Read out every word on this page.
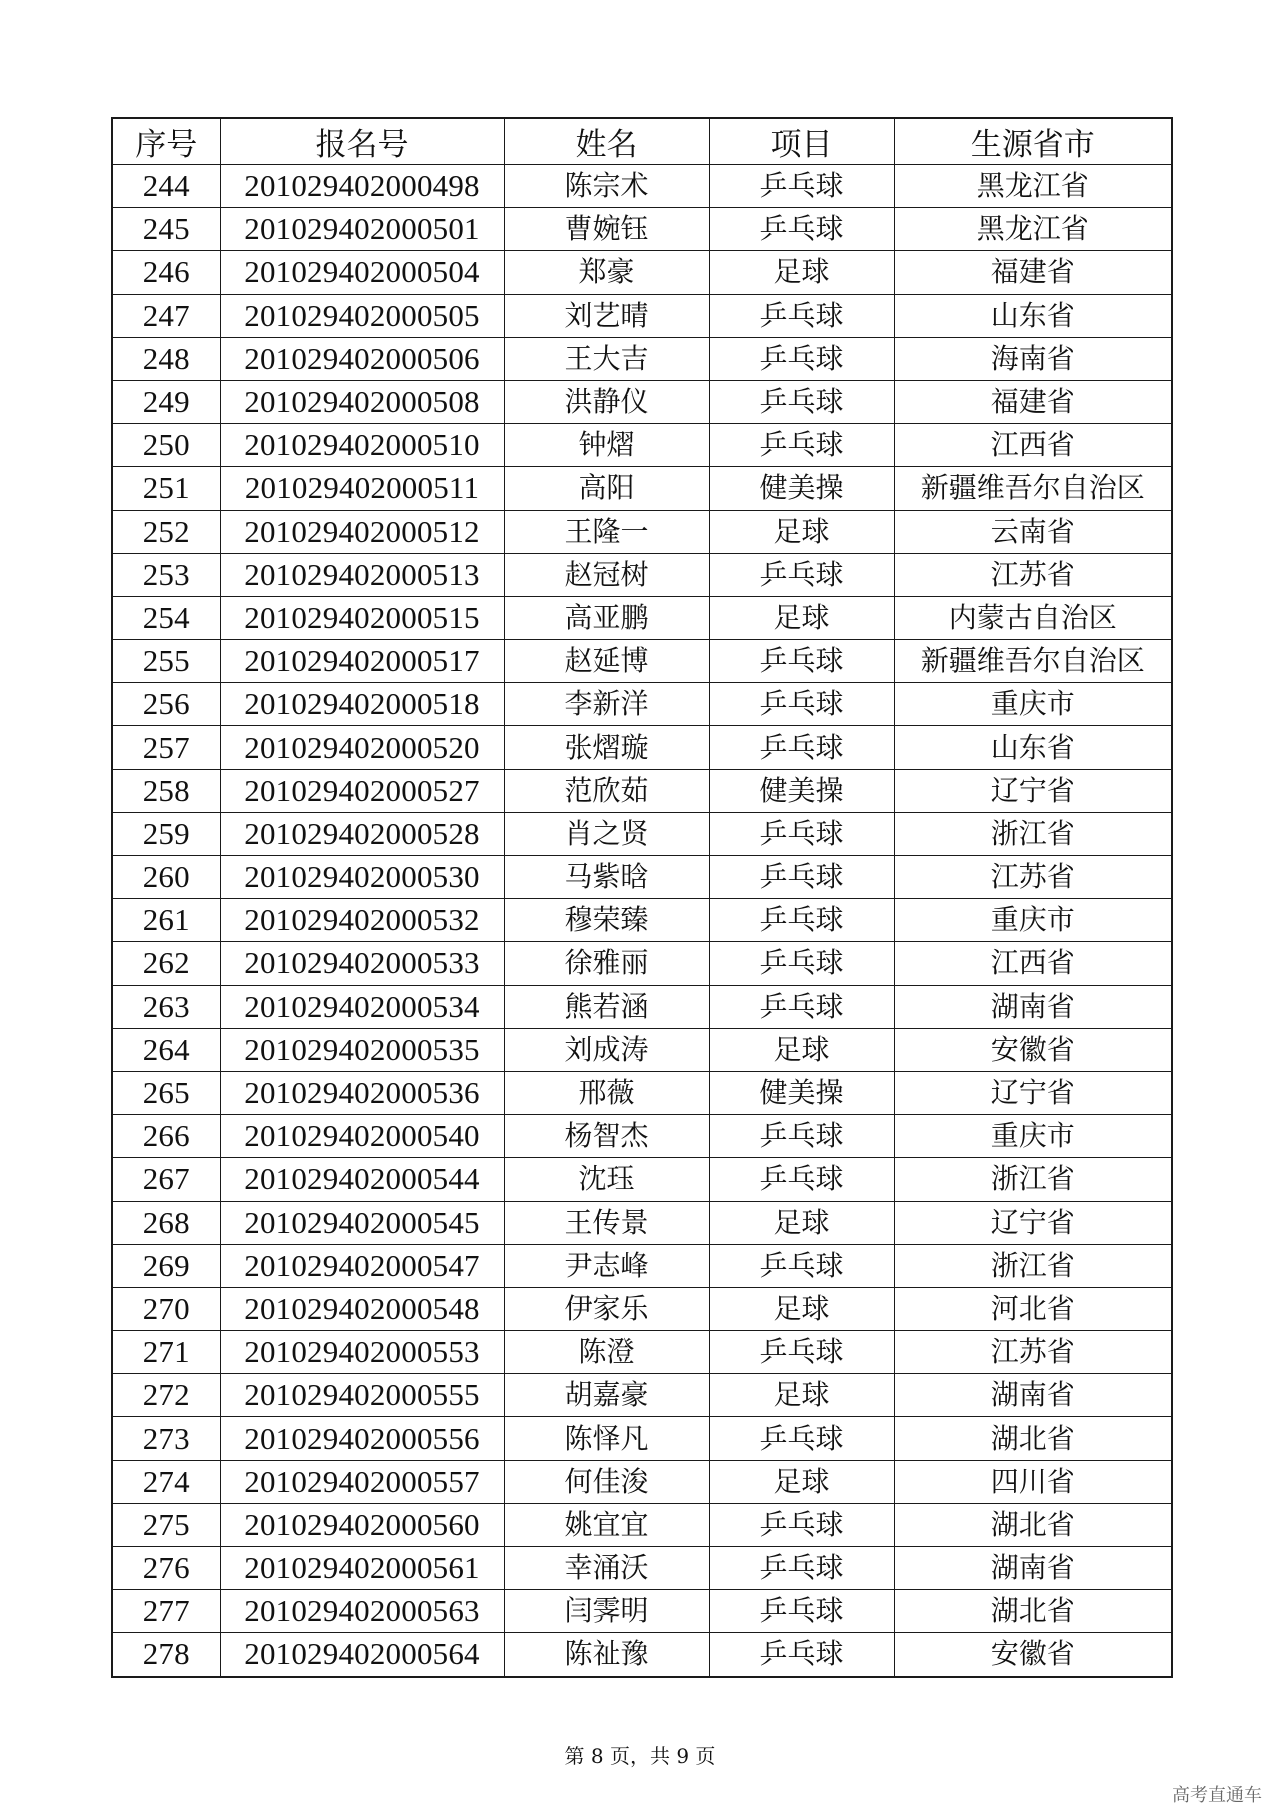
序号	报名号	姓名	项目	生源省市
244	201029402000498	陈宗术	乒乓球	黑龙江省
245	201029402000501	曹婉钰	乒乓球	黑龙江省
246	201029402000504	郑豪	足球	福建省
247	201029402000505	刘艺晴	乒乓球	山东省
248	201029402000506	王大吉	乒乓球	海南省
249	201029402000508	洪静仪	乒乓球	福建省
250	201029402000510	钟熠	乒乓球	江西省
251	201029402000511	高阳	健美操	新疆维吾尔自治区
252	201029402000512	王隆一	足球	云南省
253	201029402000513	赵冠树	乒乓球	江苏省
254	201029402000515	高亚鹏	足球	内蒙古自治区
255	201029402000517	赵延博	乒乓球	新疆维吾尔自治区
256	201029402000518	李新洋	乒乓球	重庆市
257	201029402000520	张熠璇	乒乓球	山东省
258	201029402000527	范欣茹	健美操	辽宁省
259	201029402000528	肖之贤	乒乓球	浙江省
260	201029402000530	马紫晗	乒乓球	江苏省
261	201029402000532	穆荣臻	乒乓球	重庆市
262	201029402000533	徐雅丽	乒乓球	江西省
263	201029402000534	熊若涵	乒乓球	湖南省
264	201029402000535	刘成涛	足球	安徽省
265	201029402000536	邢薇	健美操	辽宁省
266	201029402000540	杨智杰	乒乓球	重庆市
267	201029402000544	沈珏	乒乓球	浙江省
268	201029402000545	王传景	足球	辽宁省
269	201029402000547	尹志峰	乒乓球	浙江省
270	201029402000548	伊家乐	足球	河北省
271	201029402000553	陈澄	乒乓球	江苏省
272	201029402000555	胡嘉豪	足球	湖南省
273	201029402000556	陈怿凡	乒乓球	湖北省
274	201029402000557	何佳浚	足球	四川省
275	201029402000560	姚宜宜	乒乓球	湖北省
276	201029402000561	幸涌沃	乒乓球	湖南省
277	201029402000563	闫霁明	乒乓球	湖北省
278	201029402000564	陈祉豫	乒乓球	安徽省
第 8 页，共 9 页
高考直通车
